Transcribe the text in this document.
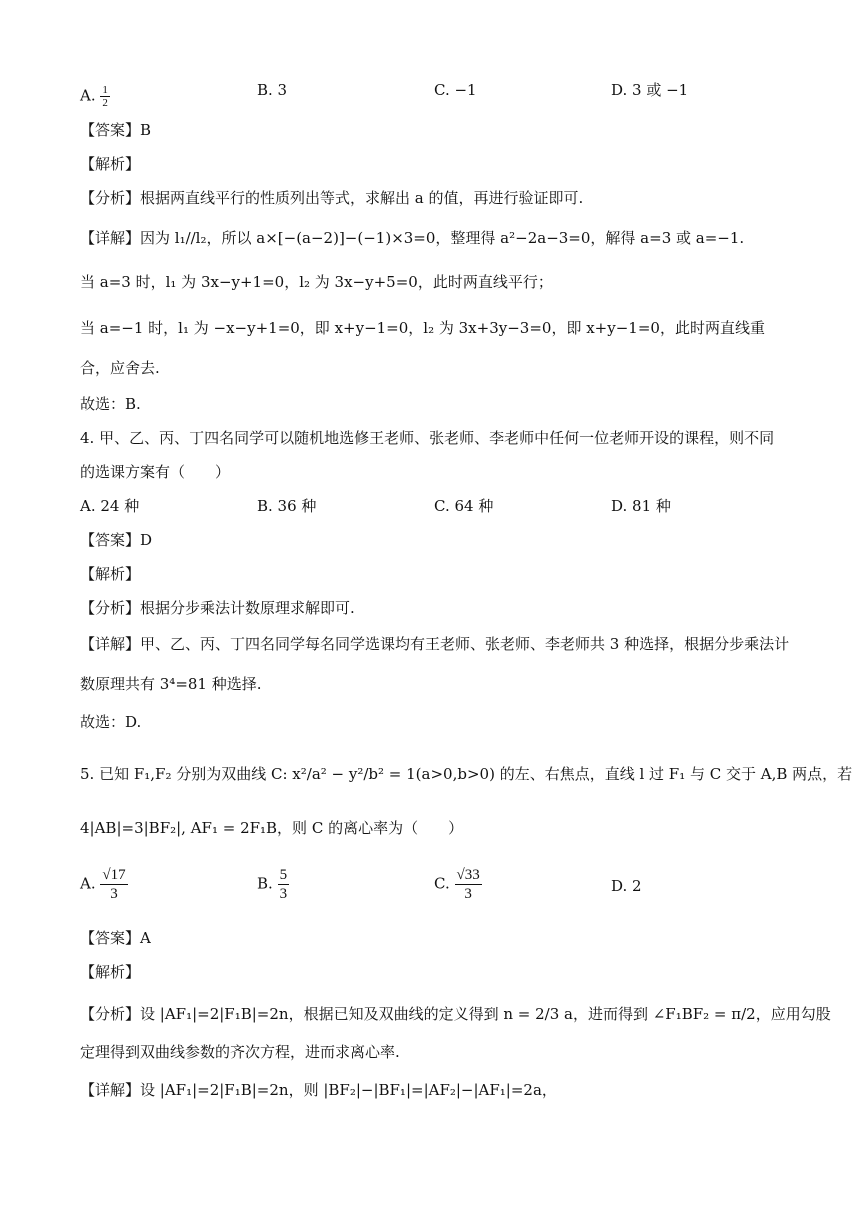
A. $\frac{1}{2}$	B. 3	C. −1	D. 3 或 −1
【答案】B
【解析】
【分析】根据两直线平行的性质列出等式，求解出 a 的值，再进行验证即可.
【详解】因为 l₁//l₂，所以 a×[−(a−2)]−(−1)×3=0，整理得 a²−2a−3=0，解得 a=3 或 a=−1.
当 a=3 时，l₁ 为 3x−y+1=0，l₂ 为 3x−y+5=0，此时两直线平行；
当 a=−1 时，l₁ 为 −x−y+1=0，即 x+y−1=0，l₂ 为 3x+3y−3=0，即 x+y−1=0，此时两直线重
合，应舍去.
故选：B.
4. 甲、乙、丙、丁四名同学可以随机地选修王老师、张老师、李老师中任何一位老师开设的课程，则不同
的选课方案有（　　）
A. 24 种	B. 36 种	C. 64 种	D. 81 种
【答案】D
【解析】
【分析】根据分步乘法计数原理求解即可.
【详解】甲、乙、丙、丁四名同学每名同学选课均有王老师、张老师、李老师共 3 种选择，根据分步乘法计
数原理共有 3⁴=81 种选择.
故选：D.
5. 已知 F₁,F₂ 分别为双曲线 C: x²/a² − y²/b² = 1(a>0,b>0) 的左、右焦点，直线 l 过 F₁ 与 C 交于 A,B 两点，若
4|AB|=3|BF₂|, AF₁ = 2F₁B，则 C 的离心率为（　　）
A. $\frac{√17}{3}$	B. $\frac{5}{3}$	C. $\frac{√33}{3}$	D. 2
【答案】A
【解析】
【分析】设 |AF₁|=2|F₁B|=2n，根据已知及双曲线的定义得到 n = 2/3 a，进而得到 ∠F₁BF₂ = π/2，应用勾股
定理得到双曲线参数的齐次方程，进而求离心率.
【详解】设 |AF₁|=2|F₁B|=2n，则 |BF₂|−|BF₁|=|AF₂|−|AF₁|=2a，
